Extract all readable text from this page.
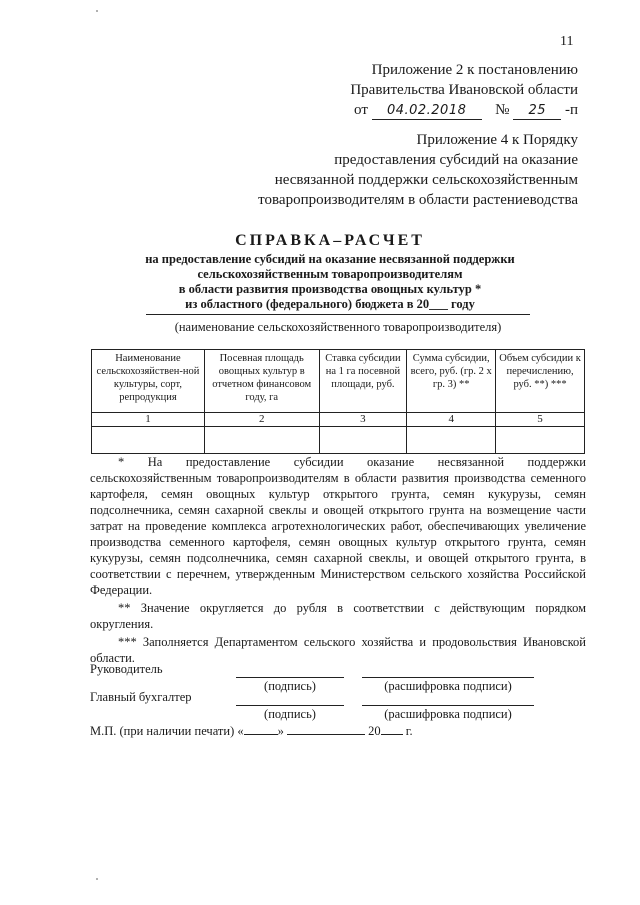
11
Приложение 2 к постановлению
Правительства Ивановской области
от 04.02.2018 № 25 -п
Приложение 4 к Порядку
предоставления субсидий на оказание
несвязанной поддержки сельскохозяйственным
товаропроизводителям в области растениеводства
СПРАВКА–РАСЧЕТ
на предоставление субсидий на оказание несвязанной поддержки
сельскохозяйственным товаропроизводителям
в области развития производства овощных культур *
из областного (федерального) бюджета в 20___ году
(наименование сельскохозяйственного товаропроизводителя)
Наименование сельскохозяйствен-ной культуры, сорт, репродукция	Посевная площадь овощных культур в отчетном финансовом году, га	Ставка субсидии на 1 га посевной площади, руб.	Сумма субсидии, всего, руб. (гр. 2 х гр. 3) **	Объем субсидии к перечислению, руб. **) ***
1	2	3	4	5

* На предоставление субсидии оказание несвязанной поддержки сельскохозяйственным товаропроизводителям в области развития производства семенного картофеля, семян овощных культур открытого грунта, семян кукурузы, семян подсолнечника, семян сахарной свеклы и овощей открытого грунта на возмещение части затрат на проведение комплекса агротехнологических работ, обеспечивающих увеличение производства семенного картофеля, семян овощных культур открытого грунта, семян кукурузы, семян подсолнечника, семян сахарной свеклы, и овощей открытого грунта, в соответствии с перечнем, утвержденным Министерством сельского хозяйства Российской Федерации.

** Значение округляется до рубля в соответствии с действующим порядком округления.

*** Заполняется Департаментом сельского хозяйства и продовольствия Ивановской области.

Руководитель
(подпись)	(расшифровка подписи)
Главный бухгалтер
(подпись)	(расшифровка подписи)
М.П. (при наличии печати) «	»	20 г.
